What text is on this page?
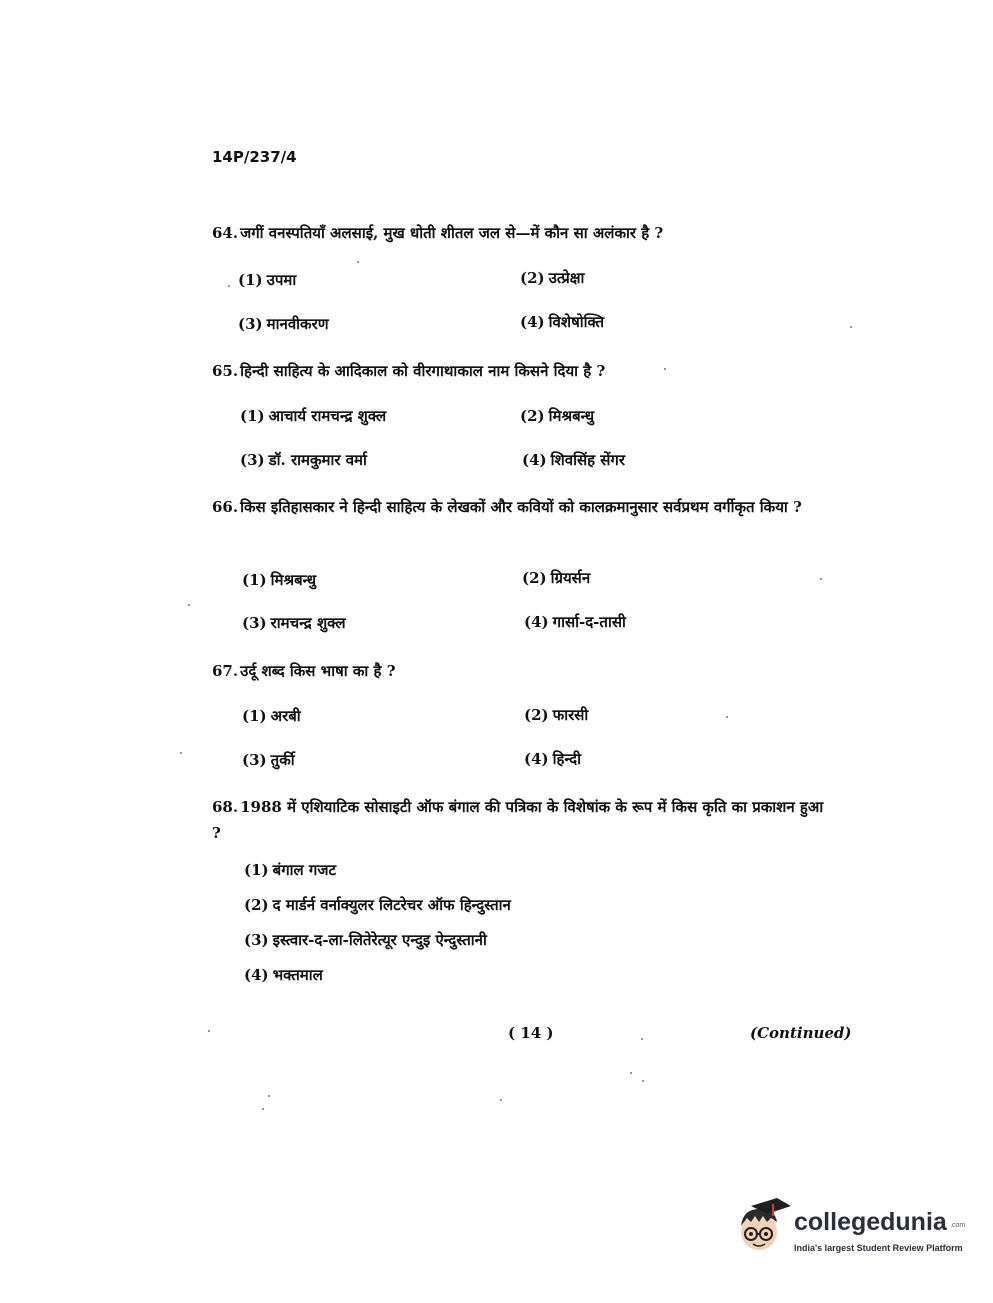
14P/237/4
64. जगीं वनस्पतियाँ अलसाई, मुख धोती शीतल जल से—में कौन सा अलंकार है ?
(1) उपमा	(2) उत्प्रेक्षा
(3) मानवीकरण	(4) विशेषोक्ति
65. हिन्दी साहित्य के आदिकाल को वीरगाथाकाल नाम किसने दिया है ?
(1) आचार्य रामचन्द्र शुक्ल	(2) मिश्रबन्धु
(3) डॉ. रामकुमार वर्मा	(4) शिवसिंह सेंगर
66. किस इतिहासकार ने हिन्दी साहित्य के लेखकों और कवियों को कालक्रमानुसार सर्वप्रथम वर्गीकृत किया ?
(1) मिश्रबन्धु	(2) ग्रियर्सन
(3) रामचन्द्र शुक्ल	(4) गार्सा-द-तासी
67. उर्दू शब्द किस भाषा का है ?
(1) अरबी	(2) फारसी
(3) तुर्की	(4) हिन्दी
68. 1988 में एशियाटिक सोसाइटी ऑफ बंगाल की पत्रिका के विशेषांक के रूप में किस कृति का प्रकाशन हुआ ?
(1) बंगाल गजट
(2) द मार्डर्न वर्नाक्युलर लिटरेचर ऑफ हिन्दुस्तान
(3) इस्त्वार-द-ला-लितेरेत्यूर एन्दुइ ऐन्दुस्तानी
(4) भक्तमाल
( 14 )	(Continued)
collegedunia .com
India's largest Student Review Platform
